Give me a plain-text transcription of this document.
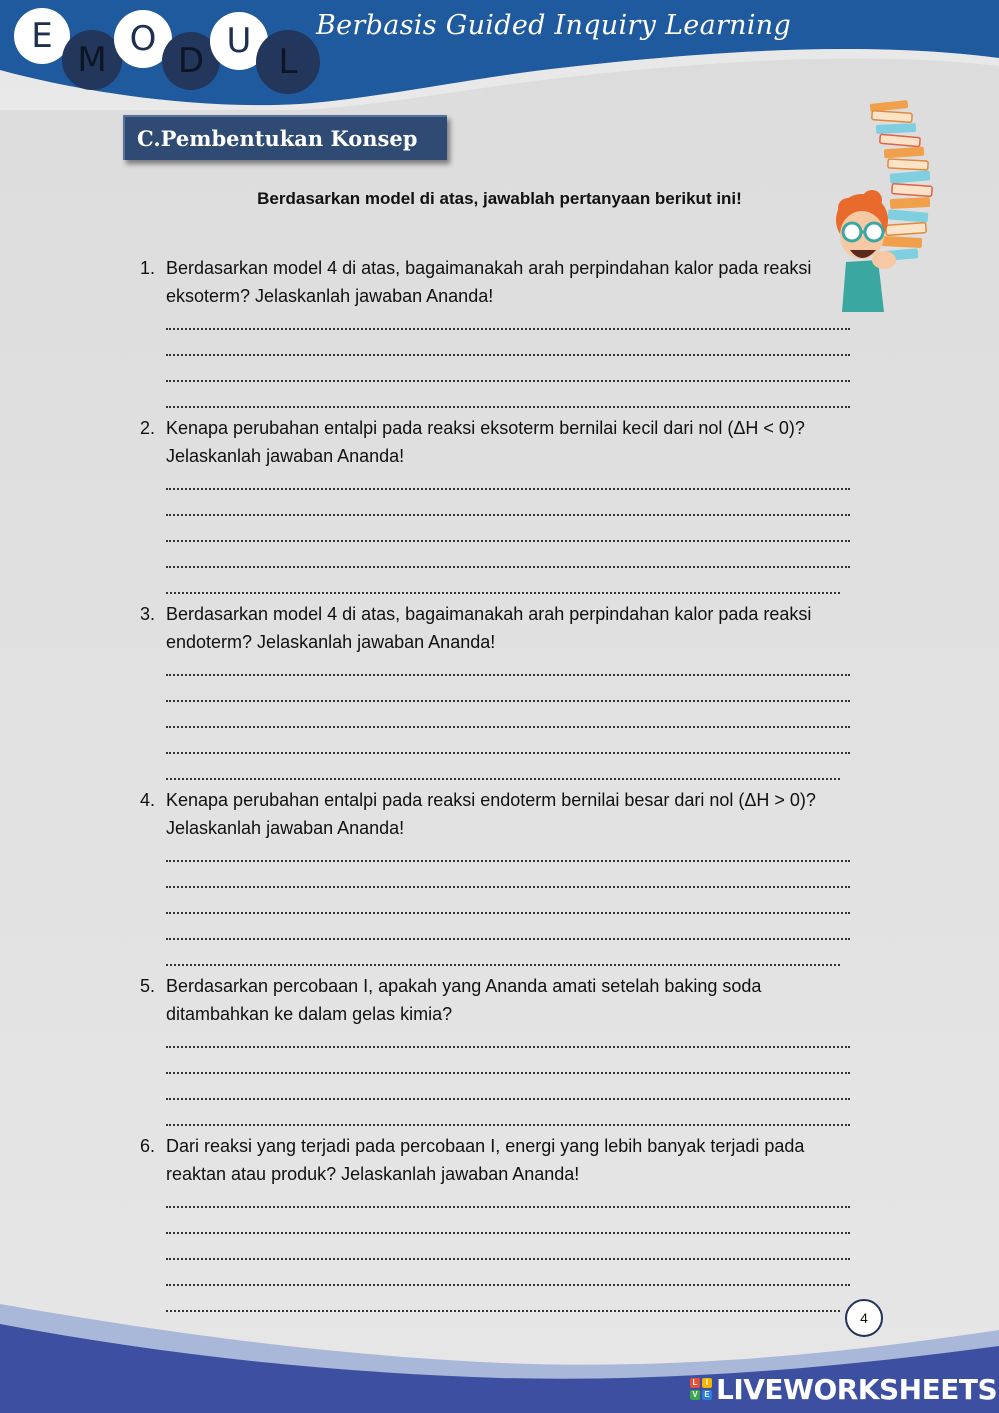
E
M
O
D U
L
Berbasis Guided Inquiry Learning
C.Pembentukan Konsep
Berdasarkan model di atas, jawablah pertanyaan berikut ini!
1. Berdasarkan model 4 di atas, bagaimanakah arah perpindahan kalor pada reaksi
eksoterm? Jelaskanlah jawaban Ananda!
2. Kenapa perubahan entalpi pada reaksi eksoterm bernilai kecil dari nol (ΔH < 0)?
Jelaskanlah jawaban Ananda!
3. Berdasarkan model 4 di atas, bagaimanakah arah perpindahan kalor pada reaksi
endoterm? Jelaskanlah jawaban Ananda!
4. Kenapa perubahan entalpi pada reaksi endoterm bernilai besar dari nol (ΔH > 0)?
Jelaskanlah jawaban Ananda!
5. Berdasarkan percobaan I, apakah yang Ananda amati setelah baking soda
ditambahkan ke dalam gelas kimia?
6. Dari reaksi yang terjadi pada percobaan I, energi yang lebih banyak terjadi pada
reaktan atau produk? Jelaskanlah jawaban Ananda!
4
L	I
V E LIVEWORKSHEETS
